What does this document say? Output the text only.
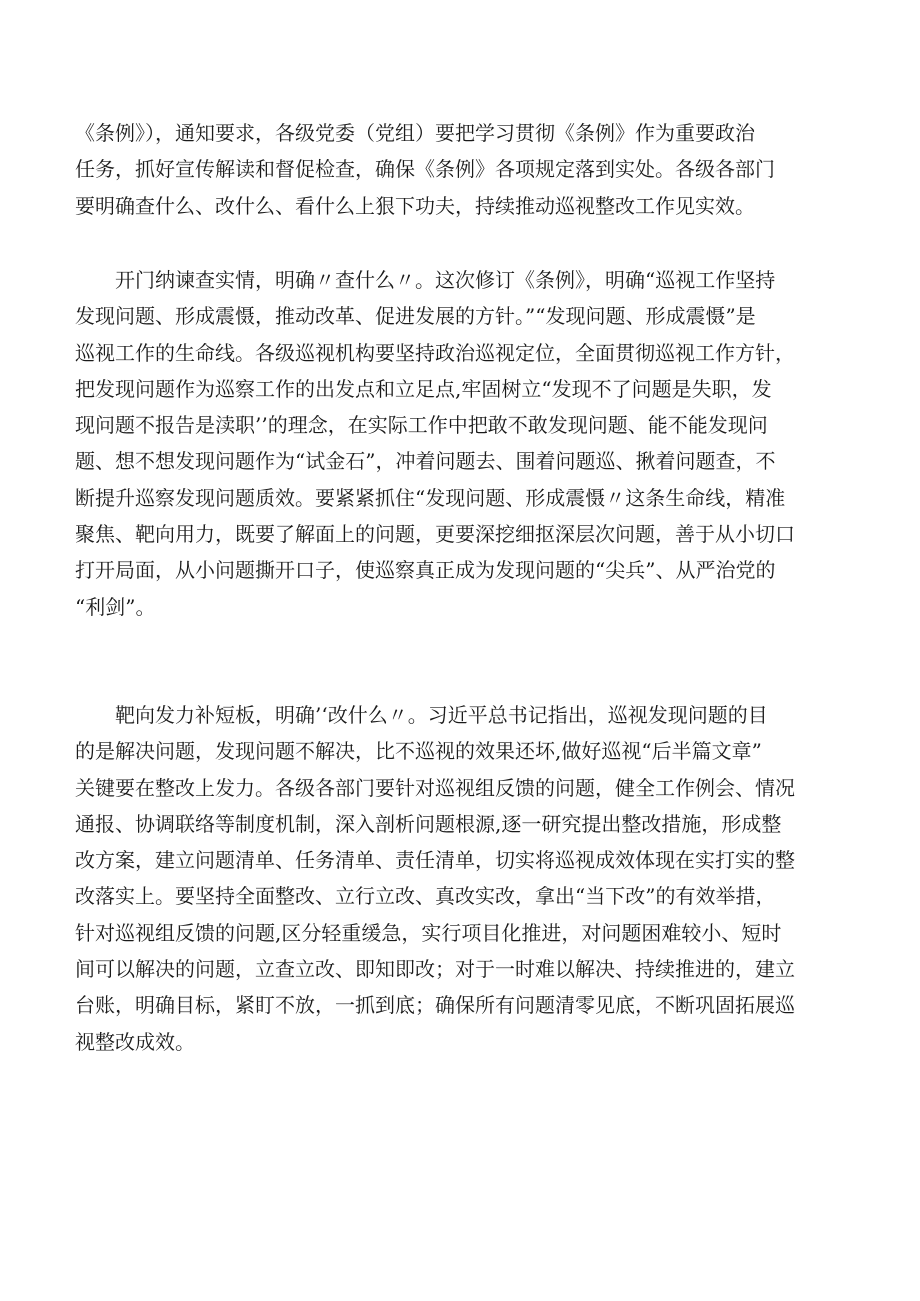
《条例》），通知要求，各级党委（党组）要把学习贯彻《条例》作为重要政治

任务，抓好宣传解读和督促检查，确保《条例》各项规定落到实处。各级各部门

要明确查什么、改什么、看什么上狠下功夫，持续推动巡视整改工作见实效。

开门纳谏查实情，明确〃查什么〃。这次修订《条例》，明确“巡视工作坚持

发现问题、形成震慑，推动改革、促进发展的方针。”“发现问题、形成震慑”是

巡视工作的生命线。各级巡视机构要坚持政治巡视定位，全面贯彻巡视工作方针，

把发现问题作为巡察工作的出发点和立足点,牢固树立“发现不了问题是失职，发

现问题不报告是渎职’’的理念，在实际工作中把敢不敢发现问题、能不能发现问

题、想不想发现问题作为“试金石”，冲着问题去、围着问题巡、揪着问题查，不

断提升巡察发现问题质效。要紧紧抓住“发现问题、形成震慑〃这条生命线，精准

聚焦、靶向用力，既要了解面上的问题，更要深挖细抠深层次问题，善于从小切口

打开局面，从小问题撕开口子，使巡察真正成为发现问题的“尖兵”、从严治党的

“利剑”。

靶向发力补短板，明确’‘改什么〃。习近平总书记指出，巡视发现问题的目

的是解决问题，发现问题不解决，比不巡视的效果还坏,做好巡视“后半篇文章”

关键要在整改上发力。各级各部门要针对巡视组反馈的问题，健全工作例会、情况

通报、协调联络等制度机制，深入剖析问题根源,逐一研究提出整改措施，形成整

改方案，建立问题清单、任务清单、责任清单，切实将巡视成效体现在实打实的整

改落实上。要坚持全面整改、立行立改、真改实改，拿出“当下改”的有效举措，

针对巡视组反馈的问题,区分轻重缓急，实行项目化推进，对问题困难较小、短时

间可以解决的问题，立查立改、即知即改；对于一时难以解决、持续推进的，建立

台账，明确目标，紧盯不放，一抓到底；确保所有问题清零见底，不断巩固拓展巡

视整改成效。
